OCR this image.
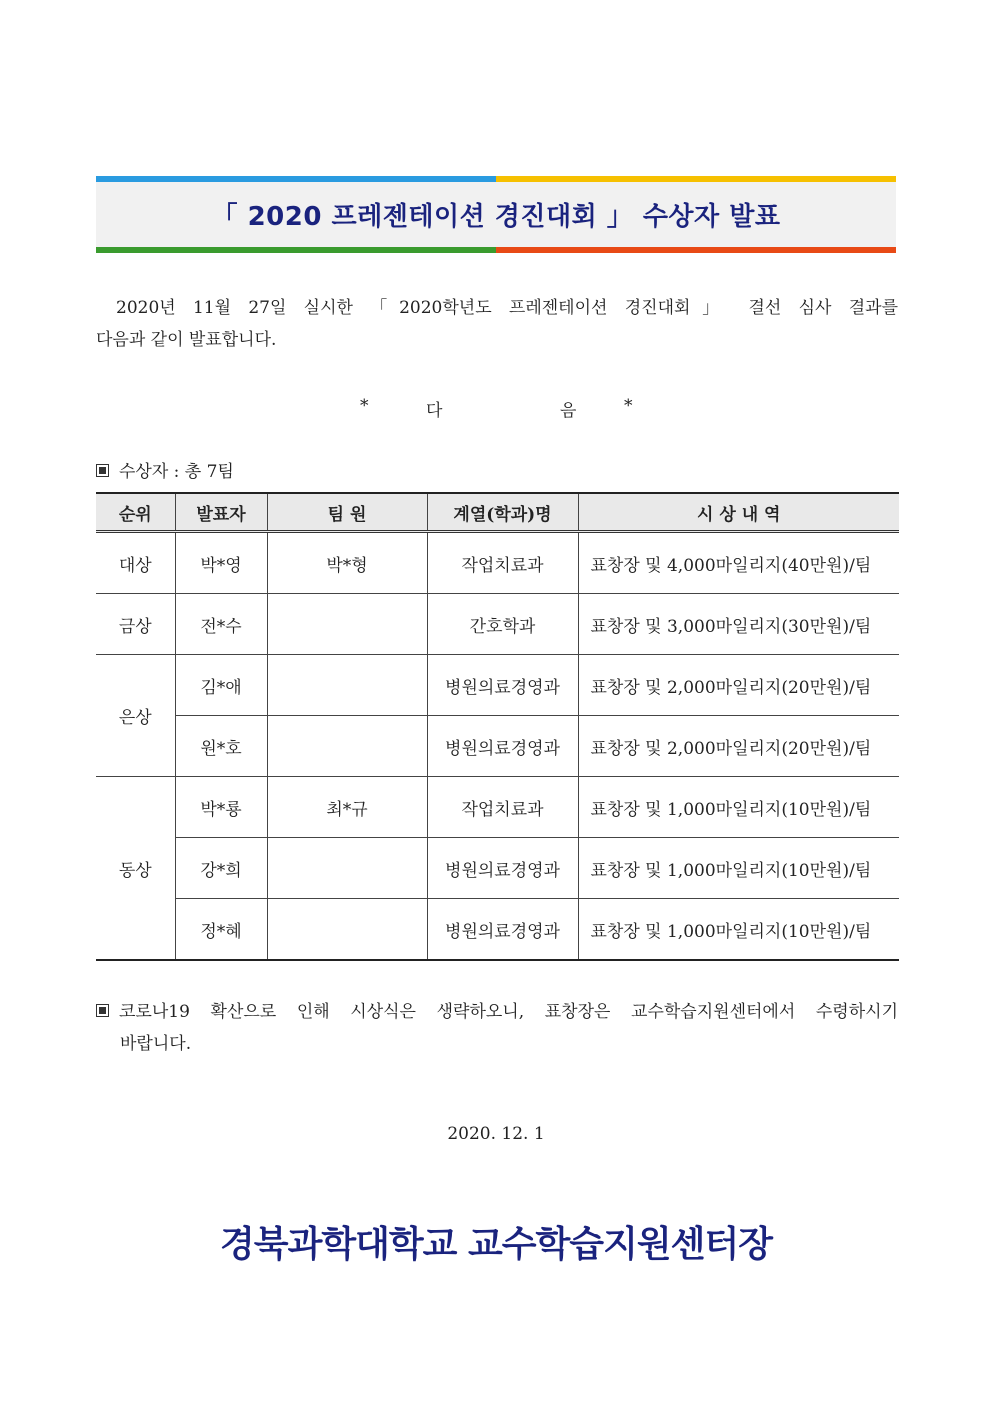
「 2020 프레젠테이션 경진대회 」 수상자 발표
2020년 11월 27일 실시한 「2020학년도 프레젠테이션 경진대회」 결선 심사 결과를
다음과 같이 발표합니다.
*	다	음	*
수상자 : 총 7팀
순위	발표자	팀 원	계열(학과)명	시 상 내 역
대상	박*영	박*형	작업치료과	표창장 및 4,000마일리지(40만원)/팀
금상	전*수		간호학과	표창장 및 3,000마일리지(30만원)/팀
은상	김*애		병원의료경영과	표창장 및 2,000마일리지(20만원)/팀
	원*호		병원의료경영과	표창장 및 2,000마일리지(20만원)/팀
동상	박*룡	최*규	작업치료과	표창장 및 1,000마일리지(10만원)/팀
	강*희		병원의료경영과	표창장 및 1,000마일리지(10만원)/팀
	정*혜		병원의료경영과	표창장 및 1,000마일리지(10만원)/팀
코로나19 확산으로 인해 시상식은 생략하오니, 표창장은 교수학습지원센터에서 수령하시기
바랍니다.
2020. 12. 1
경북과학대학교 교수학습지원센터장
